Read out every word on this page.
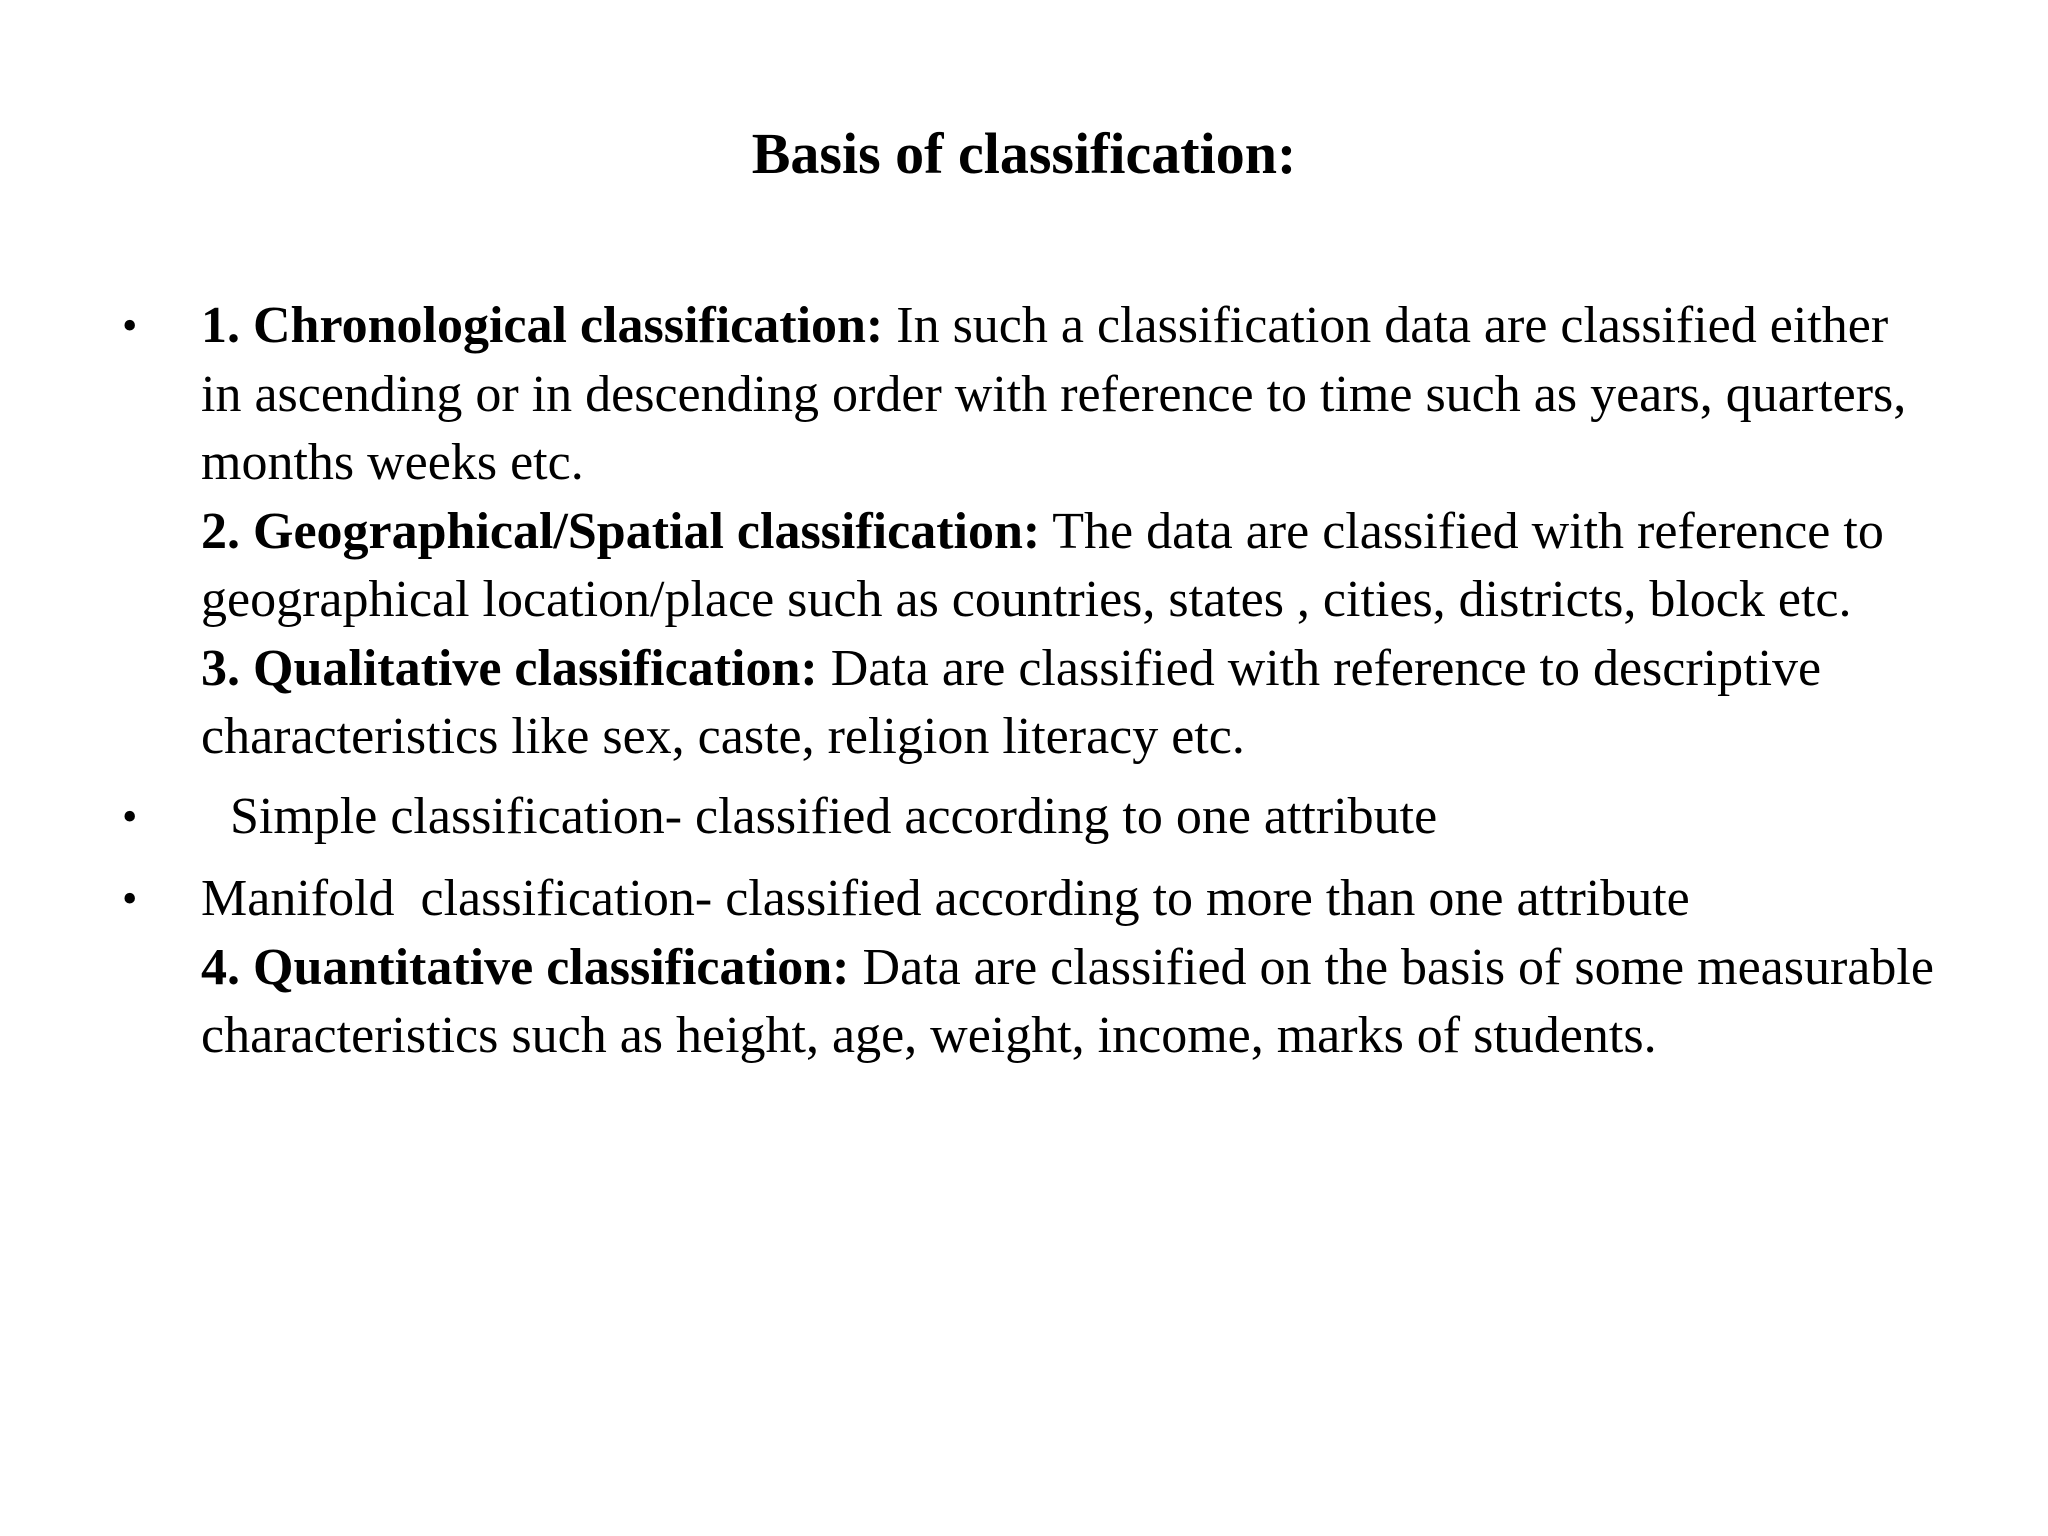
Basis of classification:
• 1. Chronological classification: In such a classification data are classified either in ascending or in descending order with reference to time such as years, quarters, months weeks etc.
2. Geographical/Spatial classification: The data are classified with reference to geographical location/place such as countries, states , cities, districts, block etc.
3. Qualitative classification: Data are classified with reference to descriptive characteristics like sex, caste, religion literacy etc.
• Simple classification- classified according to one attribute
• Manifold  classification- classified according to more than one attribute
4. Quantitative classification: Data are classified on the basis of some measurable characteristics such as height, age, weight, income, marks of students.
